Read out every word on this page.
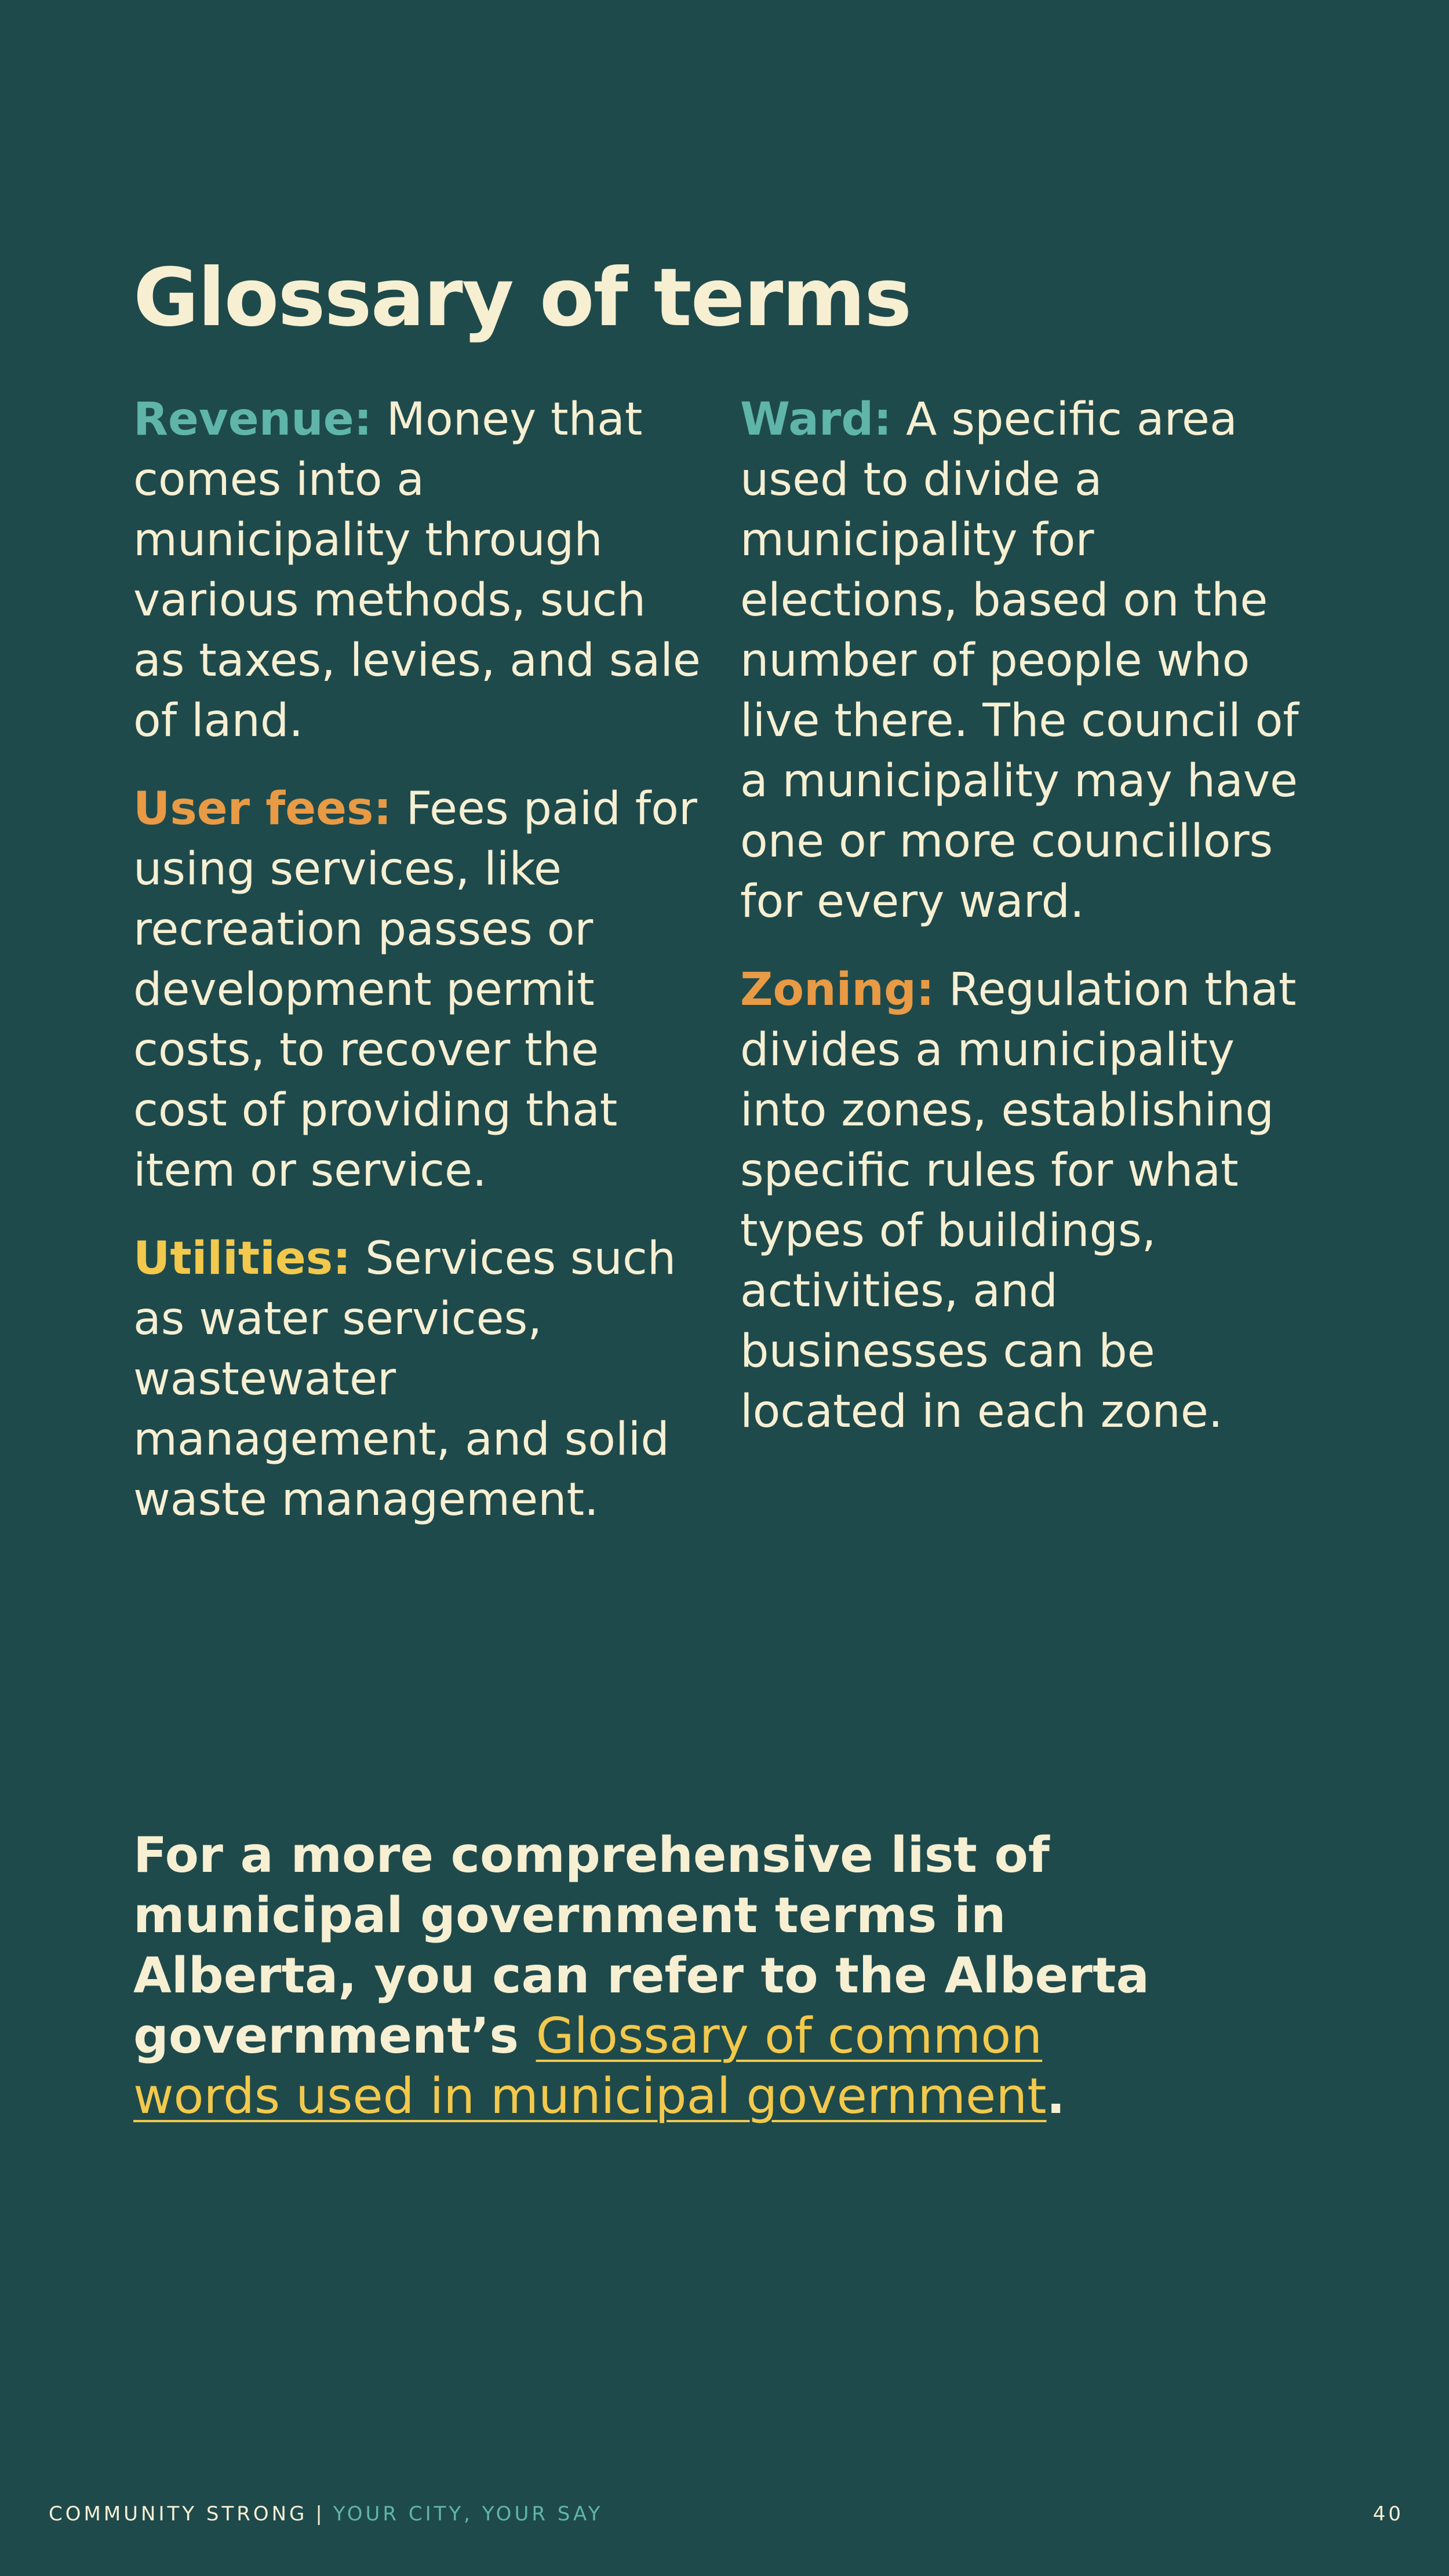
Glossary of terms

Revenue: Money that comes into a municipality through various methods, such as taxes, levies, and sale of land.

User fees: Fees paid for using services, like recreation passes or development permit costs, to recover the cost of providing that item or service.

Utilities: Services such as water services, wastewater management, and solid waste management.

Ward: A specific area used to divide a municipality for elections, based on the number of people who live there. The council of a municipality may have one or more councillors for every ward.

Zoning: Regulation that divides a municipality into zones, establishing specific rules for what types of buildings, activities, and businesses can be located in each zone.

For a more comprehensive list of municipal government terms in Alberta, you can refer to the Alberta government’s Glossary of common words used in municipal government.

COMMUNITY STRONG | YOUR CITY, YOUR SAY	40
